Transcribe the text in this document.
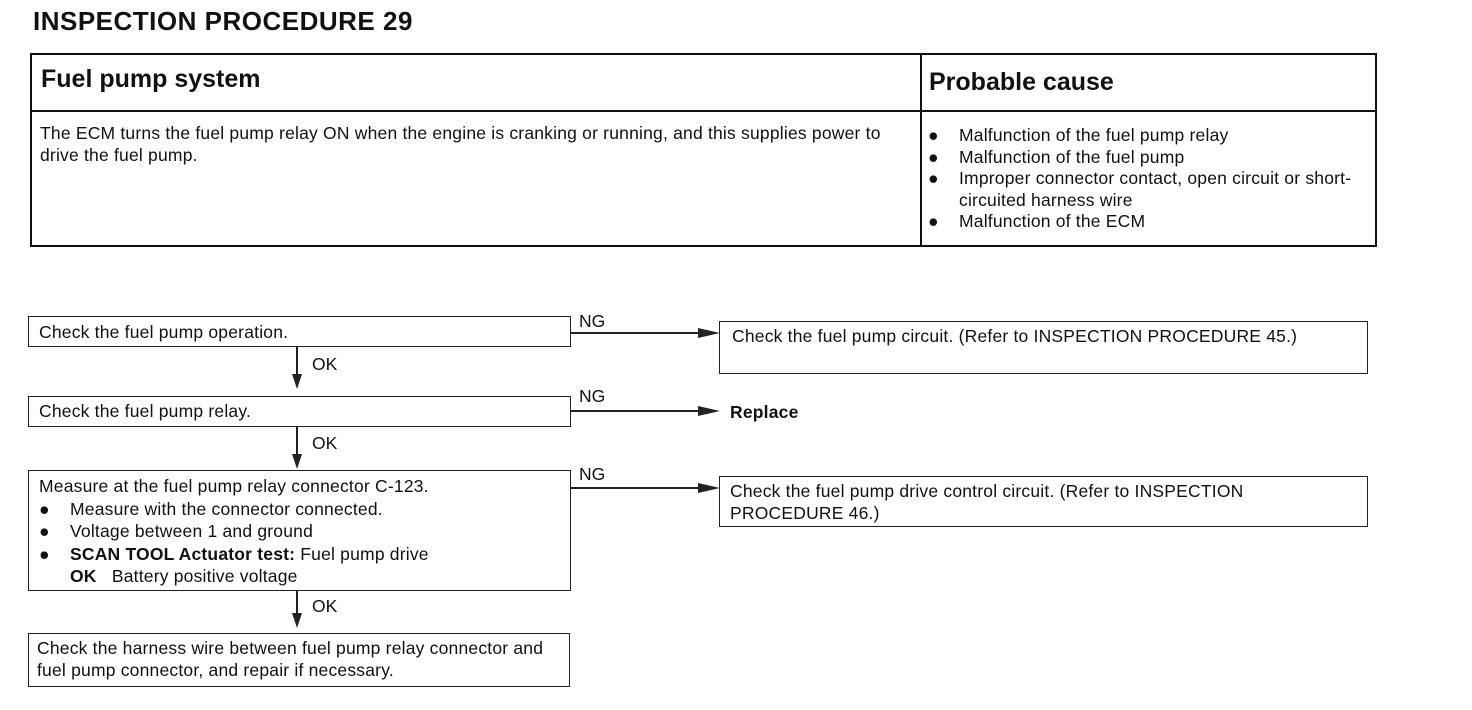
INSPECTION PROCEDURE 29
Fuel pump system	Probable cause
The ECM turns the fuel pump relay ON when the engine is cranking or running, and this supplies power to drive the fuel pump.
● Malfunction of the fuel pump relay
● Malfunction of the fuel pump
● Improper connector contact, open circuit or short-circuited harness wire
● Malfunction of the ECM
Check the fuel pump operation.
NG
Check the fuel pump circuit. (Refer to INSPECTION PROCEDURE 45.)
OK
Check the fuel pump relay.
NG
Replace
OK
Measure at the fuel pump relay connector C-123.
● Measure with the connector connected.
● Voltage between 1 and ground
● SCAN TOOL Actuator test: Fuel pump drive
OK Battery positive voltage
NG
Check the fuel pump drive control circuit. (Refer to INSPECTION PROCEDURE 46.)
OK
Check the harness wire between fuel pump relay connector and fuel pump connector, and repair if necessary.
